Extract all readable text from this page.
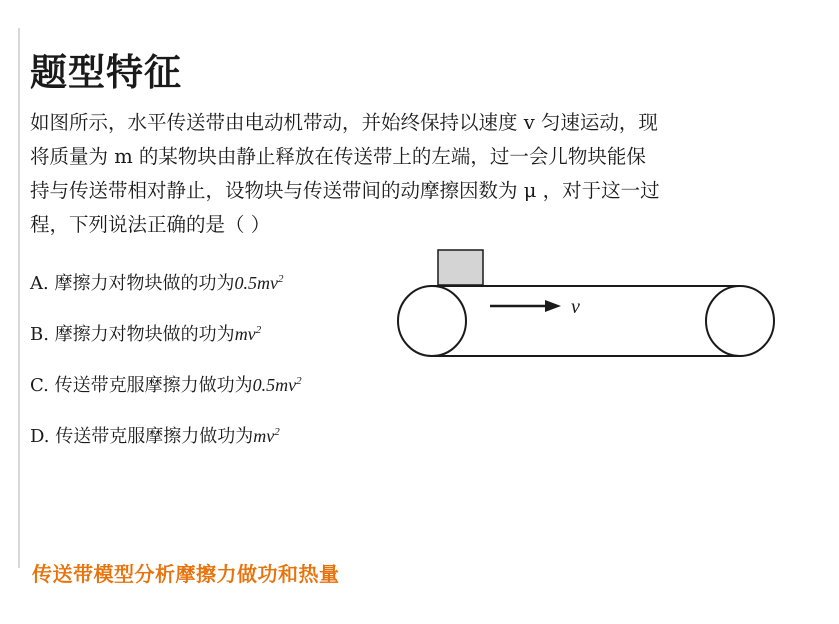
题型特征
如图所示，水平传送带由电动机带动，并始终保持以速度 v 匀速运动，现
将质量为 m 的某物块由静止释放在传送带上的左端，过一会儿物块能保
持与传送带相对静止，设物块与传送带间的动摩擦因数为 μ ，对于这一过
程，下列说法正确的是（ ）
A. 摩擦力对物块做的功为$0.5mv^2$
B. 摩擦力对物块做的功为$mv^2$
C. 传送带克服摩擦力做功为$0.5mv^2$
D. 传送带克服摩擦力做功为$mv^2$
v
传送带模型分析摩擦力做功和热量
